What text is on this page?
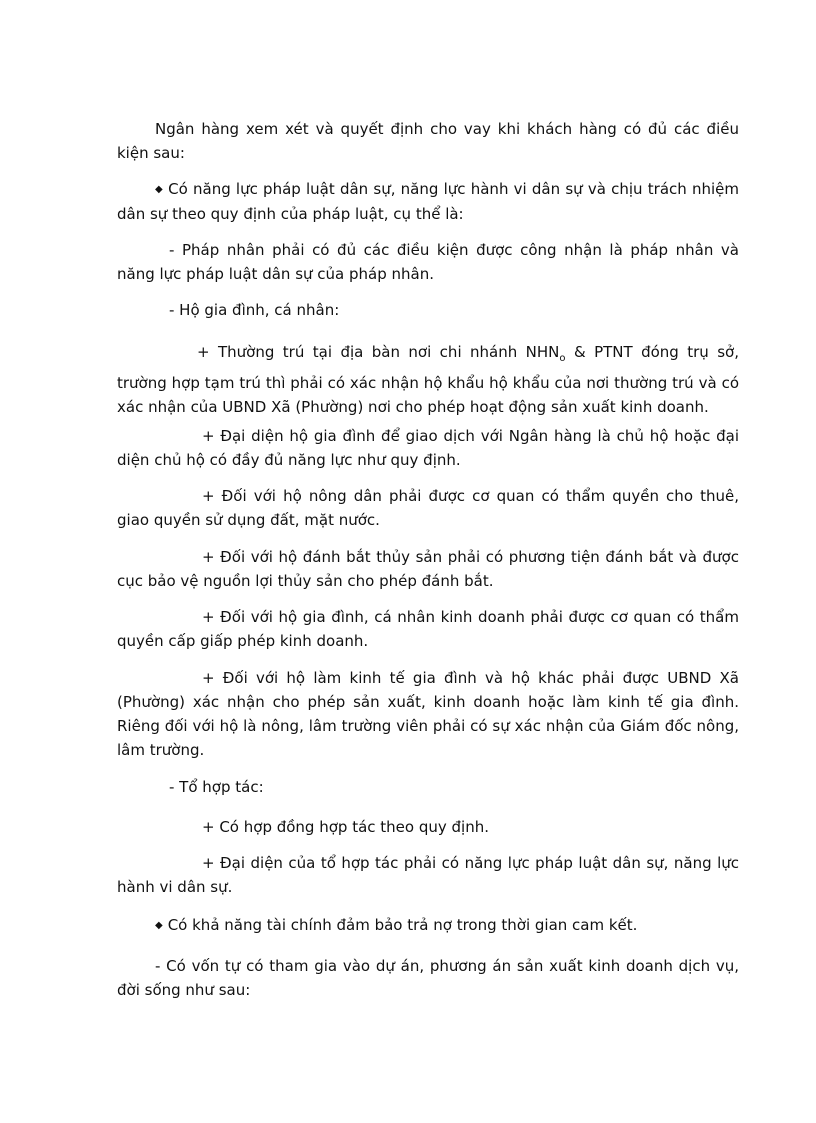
Ngân hàng xem xét và quyết định cho vay khi khách hàng có đủ các điều kiện sau:

◆ Có năng lực pháp luật dân sự, năng lực hành vi dân sự và chịu trách nhiệm dân sự theo quy định của pháp luật, cụ thể là:

- Pháp nhân phải có đủ các điều kiện được công nhận là pháp nhân và năng lực pháp luật dân sự của pháp nhân.

- Hộ gia đình, cá nhân:

+ Thường trú tại địa bàn nơi chi nhánh $NHN_o$ & PTNT đóng trụ sở, trường hợp tạm trú thì phải có xác nhận hộ khẩu hộ khẩu của nơi thường trú và có xác nhận của UBND Xã (Phường) nơi cho phép hoạt động sản xuất kinh doanh.

+ Đại diện hộ gia đình để giao dịch với Ngân hàng là chủ hộ hoặc đại diện chủ hộ có đầy đủ năng lực như quy định.

+ Đối với hộ nông dân phải được cơ quan có thẩm quyền cho thuê, giao quyền sử dụng đất, mặt nước.

+ Đối với hộ đánh bắt thủy sản phải có phương tiện đánh bắt và được cục bảo vệ nguồn lợi thủy sản cho phép đánh bắt.

+ Đối với hộ gia đình, cá nhân kinh doanh phải được cơ quan có thẩm quyền cấp giấp phép kinh doanh.

+ Đối với hộ làm kinh tế gia đình và hộ khác phải được UBND Xã (Phường) xác nhận cho phép sản xuất, kinh doanh hoặc làm kinh tế gia đình. Riêng đối với hộ là nông, lâm trường viên phải có sự xác nhận của Giám đốc nông, lâm trường.

- Tổ hợp tác:

+ Có hợp đồng hợp tác theo quy định.

+ Đại diện của tổ hợp tác phải có năng lực pháp luật dân sự, năng lực hành vi dân sự.

◆ Có khả năng tài chính đảm bảo trả nợ trong thời gian cam kết.

- Có vốn tự có tham gia vào dự án, phương án sản xuất kinh doanh dịch vụ, đời sống như sau:
